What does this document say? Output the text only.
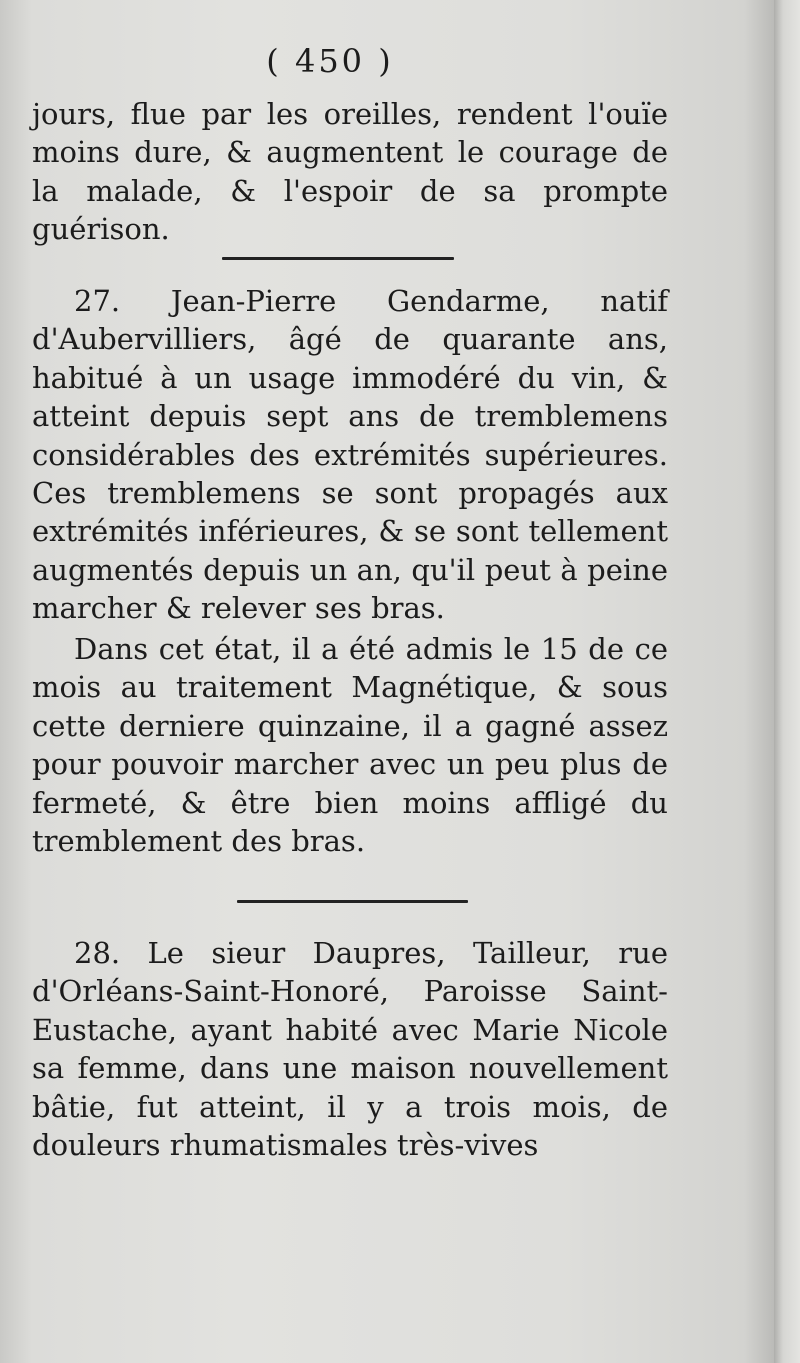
( 450 )

jours, flue par les oreilles, rendent l'ouïe moins dure, & augmentent le courage de la malade, & l'espoir de sa prompte guérison.

27. Jean-Pierre Gendarme, natif d'Aubervilliers, âgé de quarante ans, habitué à un usage immodéré du vin, & atteint depuis sept ans de tremblemens considérables des extrémités supérieures. Ces tremblemens se sont propagés aux extrémités inférieures, & se sont tellement augmentés depuis un an, qu'il peut à peine marcher & relever ses bras.

Dans cet état, il a été admis le 15 de ce mois au traitement Magnétique, & sous cette derniere quinzaine, il a gagné assez pour pouvoir marcher avec un peu plus de fermeté, & être bien moins affligé du tremblement des bras.

28. Le sieur Daupres, Tailleur, rue d'Orléans-Saint-Honoré, Paroisse Saint-Eustache, ayant habité avec Marie Nicole sa femme, dans une maison nouvellement bâtie, fut atteint, il y a trois mois, de douleurs rhumatismales très-vives
